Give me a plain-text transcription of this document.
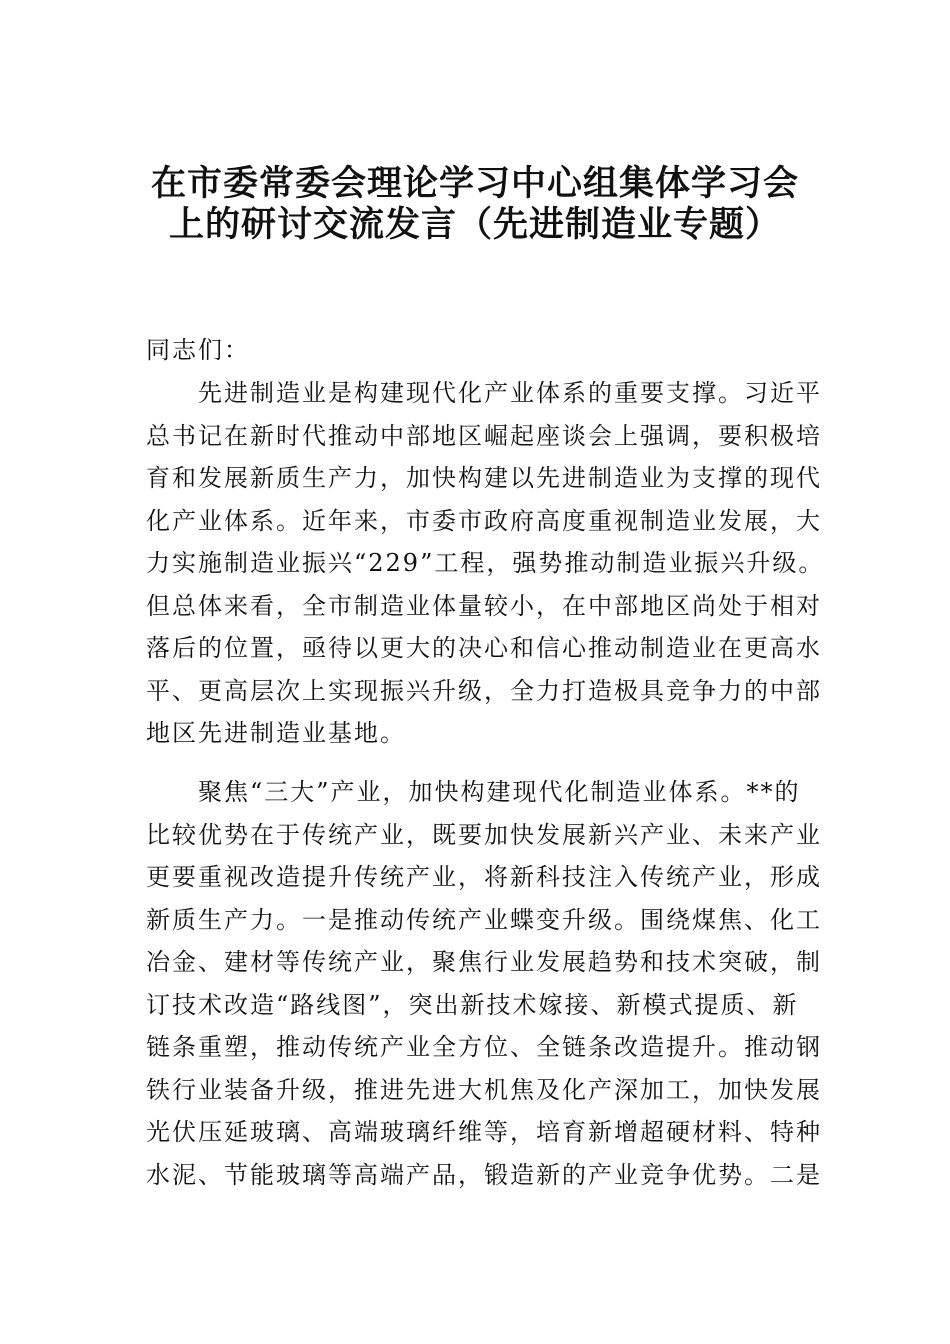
在市委常委会理论学习中心组集体学习会
上的研讨交流发言（先进制造业专题）
同志们：
先进制造业是构建现代化产业体系的重要支撑。习近平
总书记在新时代推动中部地区崛起座谈会上强调，要积极培
育和发展新质生产力，加快构建以先进制造业为支撑的现代
化产业体系。近年来，市委市政府高度重视制造业发展，大
力实施制造业振兴“229”工程，强势推动制造业振兴升级。
但总体来看，全市制造业体量较小，在中部地区尚处于相对
落后的位置，亟待以更大的决心和信心推动制造业在更高水
平、更高层次上实现振兴升级，全力打造极具竞争力的中部
地区先进制造业基地。
聚焦“三大”产业，加快构建现代化制造业体系。**的
比较优势在于传统产业，既要加快发展新兴产业、未来产业
更要重视改造提升传统产业，将新科技注入传统产业，形成
新质生产力。一是推动传统产业蝶变升级。围绕煤焦、化工
冶金、建材等传统产业，聚焦行业发展趋势和技术突破，制
订技术改造“路线图”，突出新技术嫁接、新模式提质、新
链条重塑，推动传统产业全方位、全链条改造提升。推动钢
铁行业装备升级，推进先进大机焦及化产深加工，加快发展
光伏压延玻璃、高端玻璃纤维等，培育新增超硬材料、特种
水泥、节能玻璃等高端产品，锻造新的产业竞争优势。二是
